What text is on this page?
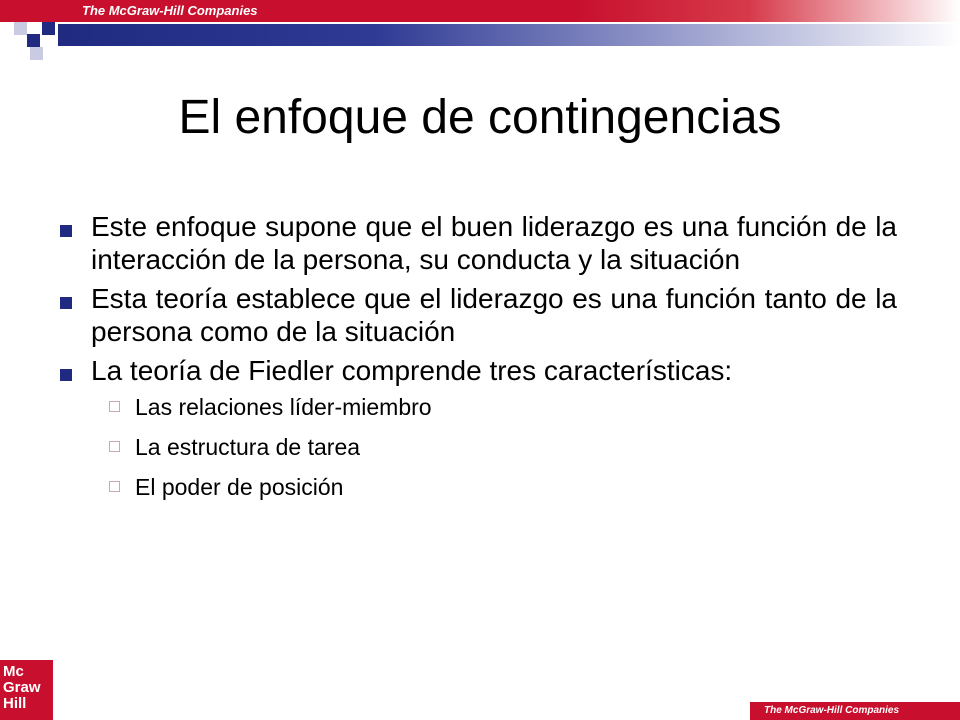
The McGraw-Hill Companies
El enfoque de contingencias
Este enfoque supone que el buen liderazgo es una función de la interacción de la persona, su conducta y la situación
Esta teoría establece que el liderazgo es una función tanto de la persona como de la situación
La teoría de Fiedler comprende tres características:
Las relaciones líder-miembro
La estructura de tarea
El poder de posición
Mc
Graw
Hill	The McGraw-Hill Companies
